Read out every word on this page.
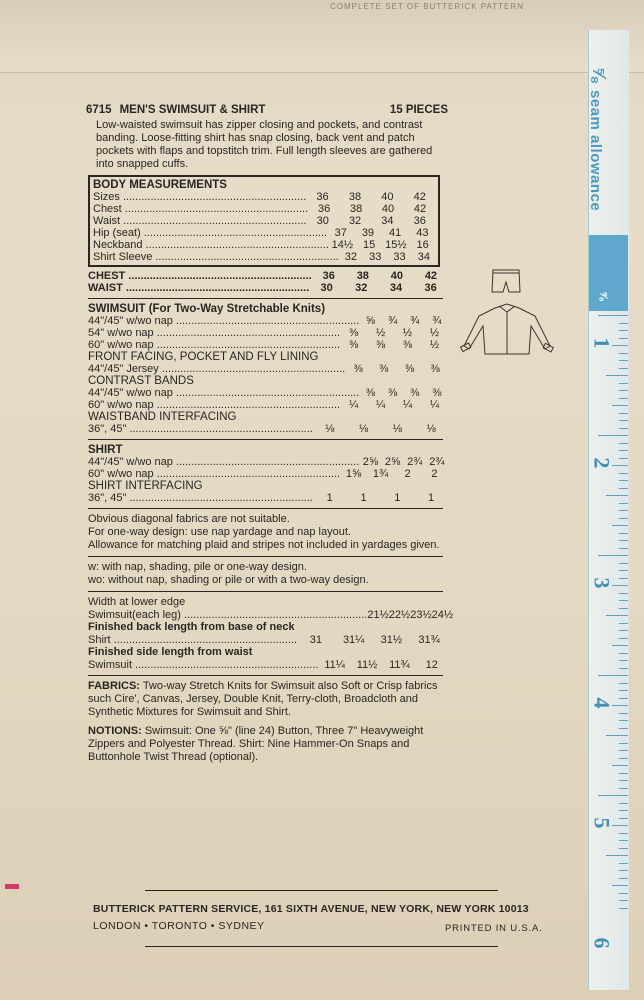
COMPLETE SET OF BUTTERICK PATTERN
6715 MEN'S SWIMSUIT & SHIRT	15 PIECES
Low-waisted swimsuit has zipper closing and pockets, and contrast banding. Loose-fitting shirt has snap closing, back vent and patch pockets with flaps and topstitch trim. Full length sleeves are gathered into snapped cuffs.
BODY MEASUREMENTS
Sizes ............................................................ 36	38	40	42
Chest ............................................................ 36	38	40	42
Waist ............................................................ 30	32	34	36
Hip (seat) ............................................................ 37	39	41	43
Neckband ............................................................ 14½ 15 15½ 16
Shirt Sleeve ............................................................ 32	33	33	34
CHEST ............................................................ 36	38	40	42
WAIST ............................................................	30	32	34	36
SWIMSUIT (For Two-Way Stretchable Knits)
44"/45" w/wo nap ............................................................ ⅝	¾	¾	¾
54" w/wo nap ............................................................ ⅜	½	½	½
60" w/wo nap ............................................................ ⅜	⅜	⅜	½
FRONT FACING, POCKET AND FLY LINING
44"/45" Jersey ............................................................ ⅜	⅜	⅜	⅜
CONTRAST BANDS
44"/45" w/wo nap ............................................................ ⅜	⅜	⅜	⅜
60" w/wo nap ............................................................ ¼	¼	¼	¼
WAISTBAND INTERFACING
36", 45" ............................................................	⅛	⅛	⅛	⅛
SHIRT
44"/45" w/wo nap ............................................................ 2⅝ 2⅝ 2¾ 2¾
60" w/wo nap ............................................................ 1⅝	1¾	2	2
SHIRT INTERFACING
36", 45" ............................................................	1	1	1	1
Obvious diagonal fabrics are not suitable.
For one-way design: use nap yardage and nap layout.
Allowance for matching plaid and stripes not included in yardages given.
w: with nap, shading, pile or one-way design.
wo: without nap, shading or pile or with a two-way design.
Width at lower edge
Swimsuit(each leg) ............................................................ 21½ 22½ 23½ 24½
Finished back length from base of neck
Shirt ............................................................	31	31¼	31½	31¾
Finished side length from waist
Swimsuit ............................................................ 11¼	11½	11¾	12
FABRICS: Two-way Stretch Knits for Swimsuit also Soft or Crisp fabrics such Cire', Canvas, Jersey, Double Knit, Terry-cloth, Broadcloth and Synthetic Mixtures for Swimsuit and Shirt.
NOTIONS: Swimsuit: One ⅝" (line 24) Button, Three 7" Heavyweight Zippers and Polyester Thread. Shirt: Nine Hammer-On Snaps and Buttonhole Twist Thread (optional).
⅝
seam allowance
⅝
1
2
3
4
5
6
BUTTERICK PATTERN SERVICE, 161 SIXTH AVENUE, NEW YORK, NEW YORK 10013
LONDON • TORONTO • SYDNEY	PRINTED IN U.S.A.
